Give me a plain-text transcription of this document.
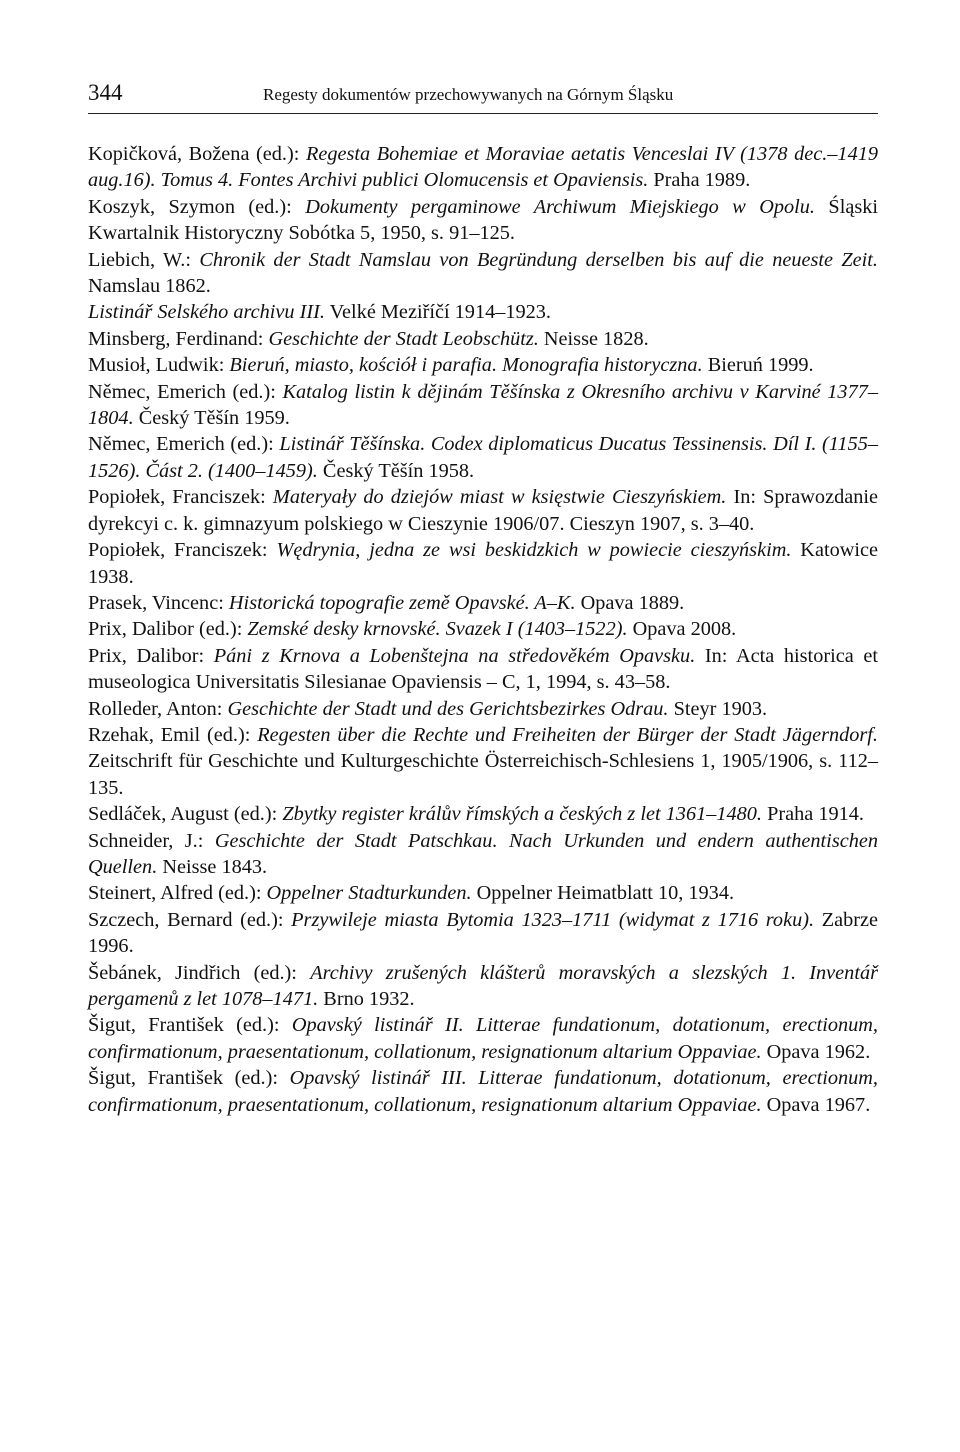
344	Regesty dokumentów przechowywanych na Górnym Śląsku

Kopičková, Božena (ed.): Regesta Bohemiae et Moraviae aetatis Venceslai IV (1378 dec.–1419 aug.16). Tomus 4. Fontes Archivi publici Olomucensis et Opaviensis. Praha 1989.

Koszyk, Szymon (ed.): Dokumenty pergaminowe Archiwum Miejskiego w Opolu. Śląski Kwartalnik Historyczny Sobótka 5, 1950, s. 91–125.

Liebich, W.: Chronik der Stadt Namslau von Begründung derselben bis auf die neueste Zeit. Namslau 1862.

Listinář Selského archivu III. Velké Meziříčí 1914–1923.

Minsberg, Ferdinand: Geschichte der Stadt Leobschütz. Neisse 1828.

Musioł, Ludwik: Bieruń, miasto, kościół i parafia. Monografia historyczna. Bieruń 1999.

Němec, Emerich (ed.): Katalog listin k dějinám Těšínska z Okresního archivu v Karviné 1377–1804. Český Těšín 1959.

Němec, Emerich (ed.): Listinář Těšínska. Codex diplomaticus Ducatus Tessinensis. Díl I. (1155–1526). Část 2. (1400–1459). Český Těšín 1958.

Popiołek, Franciszek: Materyały do dziejów miast w księstwie Cieszyńskiem. In: Sprawozdanie dyrekcyi c. k. gimnazyum polskiego w Cieszynie 1906/07. Cieszyn 1907, s. 3–40.

Popiołek, Franciszek: Wędrynia, jedna ze wsi beskidzkich w powiecie cieszyńskim. Katowice 1938.

Prasek, Vincenc: Historická topografie země Opavské. A–K. Opava 1889.

Prix, Dalibor (ed.): Zemské desky krnovské. Svazek I (1403–1522). Opava 2008.

Prix, Dalibor: Páni z Krnova a Lobenštejna na středověkém Opavsku. In: Acta historica et museologica Universitatis Silesianae Opaviensis – C, 1, 1994, s. 43–58.

Rolleder, Anton: Geschichte der Stadt und des Gerichtsbezirkes Odrau. Steyr 1903.

Rzehak, Emil (ed.): Regesten über die Rechte und Freiheiten der Bürger der Stadt Jägerndorf. Zeitschrift für Geschichte und Kulturgeschichte Österreichisch-Schlesiens 1, 1905/1906, s. 112–135.

Sedláček, August (ed.): Zbytky register králův římských a českých z let 1361–1480. Praha 1914.

Schneider, J.: Geschichte der Stadt Patschkau. Nach Urkunden und endern authentischen Quellen. Neisse 1843.

Steinert, Alfred (ed.): Oppelner Stadturkunden. Oppelner Heimatblatt 10, 1934.

Szczech, Bernard (ed.): Przywileje miasta Bytomia 1323–1711 (widymat z 1716 roku). Zabrze 1996.

Šebánek, Jindřich (ed.): Archivy zrušených klášterů moravských a slezských 1. Inventář pergamenů z let 1078–1471. Brno 1932.

Šigut, František (ed.): Opavský listinář II. Litterae fundationum, dotationum, erectionum, confirmationum, praesentationum, collationum, resignationum altarium Oppaviae. Opava 1962.

Šigut, František (ed.): Opavský listinář III. Litterae fundationum, dotationum, erectionum, confirmationum, praesentationum, collationum, resignationum altarium Oppaviae. Opava 1967.
